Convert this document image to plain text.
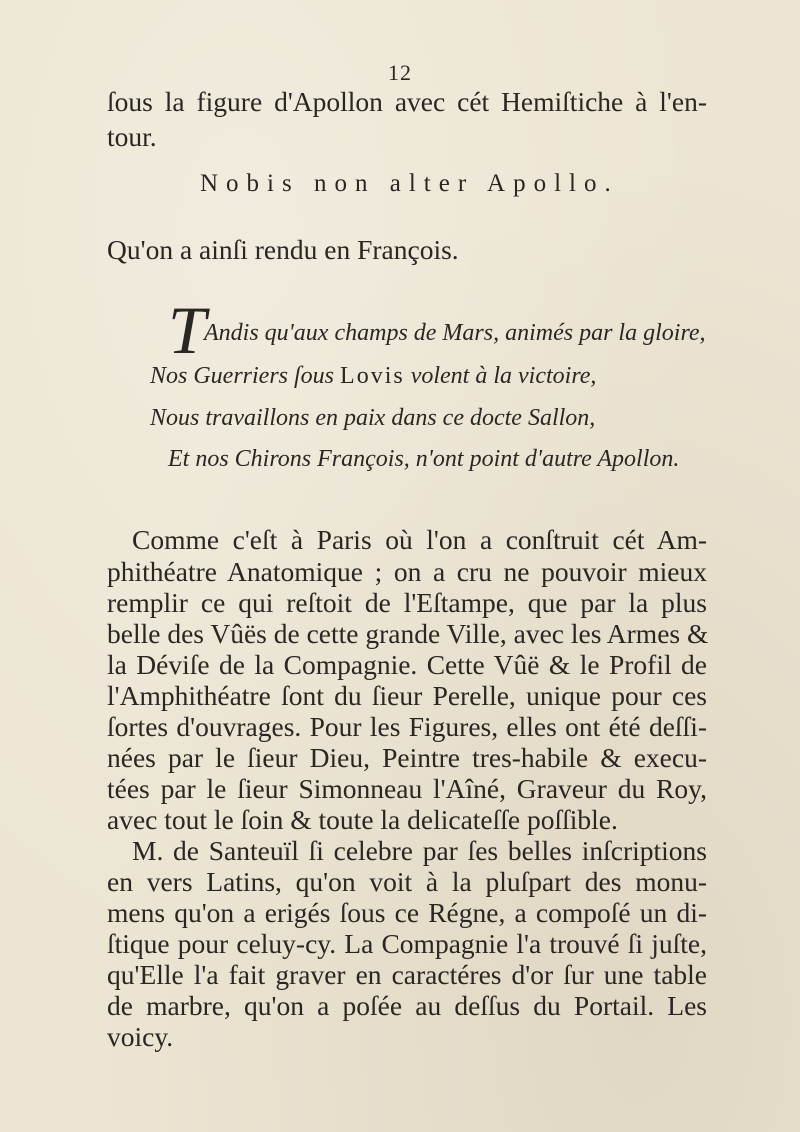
12
ſous la figure d'Apollon avec cét Hemiſtiche à l'en-
tour.
Nobis non alter Apollo.
Qu'on a ainſi rendu en François.
T
Andis qu'aux champs de Mars, animés par la gloire,
Nos Guerriers ſous Lovis volent à la victoire,
Nous travaillons en paix dans ce docte Sallon,
Et nos Chirons François, n'ont point d'autre Apollon.
Comme c'eſt à Paris où l'on a conſtruit cét Am-
phithéatre Anatomique ; on a cru ne pouvoir mieux
remplir ce qui reſtoit de l'Eſtampe, que par la plus
belle des Vûës de cette grande Ville, avec les Armes &
la Déviſe de la Compagnie. Cette Vûë & le Profil de
l'Amphithéatre ſont du ſieur Perelle, unique pour ces
ſortes d'ouvrages. Pour les Figures, elles ont été deſſi-
nées par le ſieur Dieu, Peintre tres-habile & execu-
tées par le ſieur Simonneau l'Aîné, Graveur du Roy,
avec tout le ſoin & toute la delicateſſe poſſible.
M. de Santeuïl ſi celebre par ſes belles inſcriptions
en vers Latins, qu'on voit à la pluſpart des monu-
mens qu'on a erigés ſous ce Régne, a compoſé un di-
ſtique pour celuy-cy. La Compagnie l'a trouvé ſi juſte,
qu'Elle l'a fait graver en caractéres d'or ſur une table
de marbre, qu'on a poſée au deſſus du Portail. Les
voicy.
